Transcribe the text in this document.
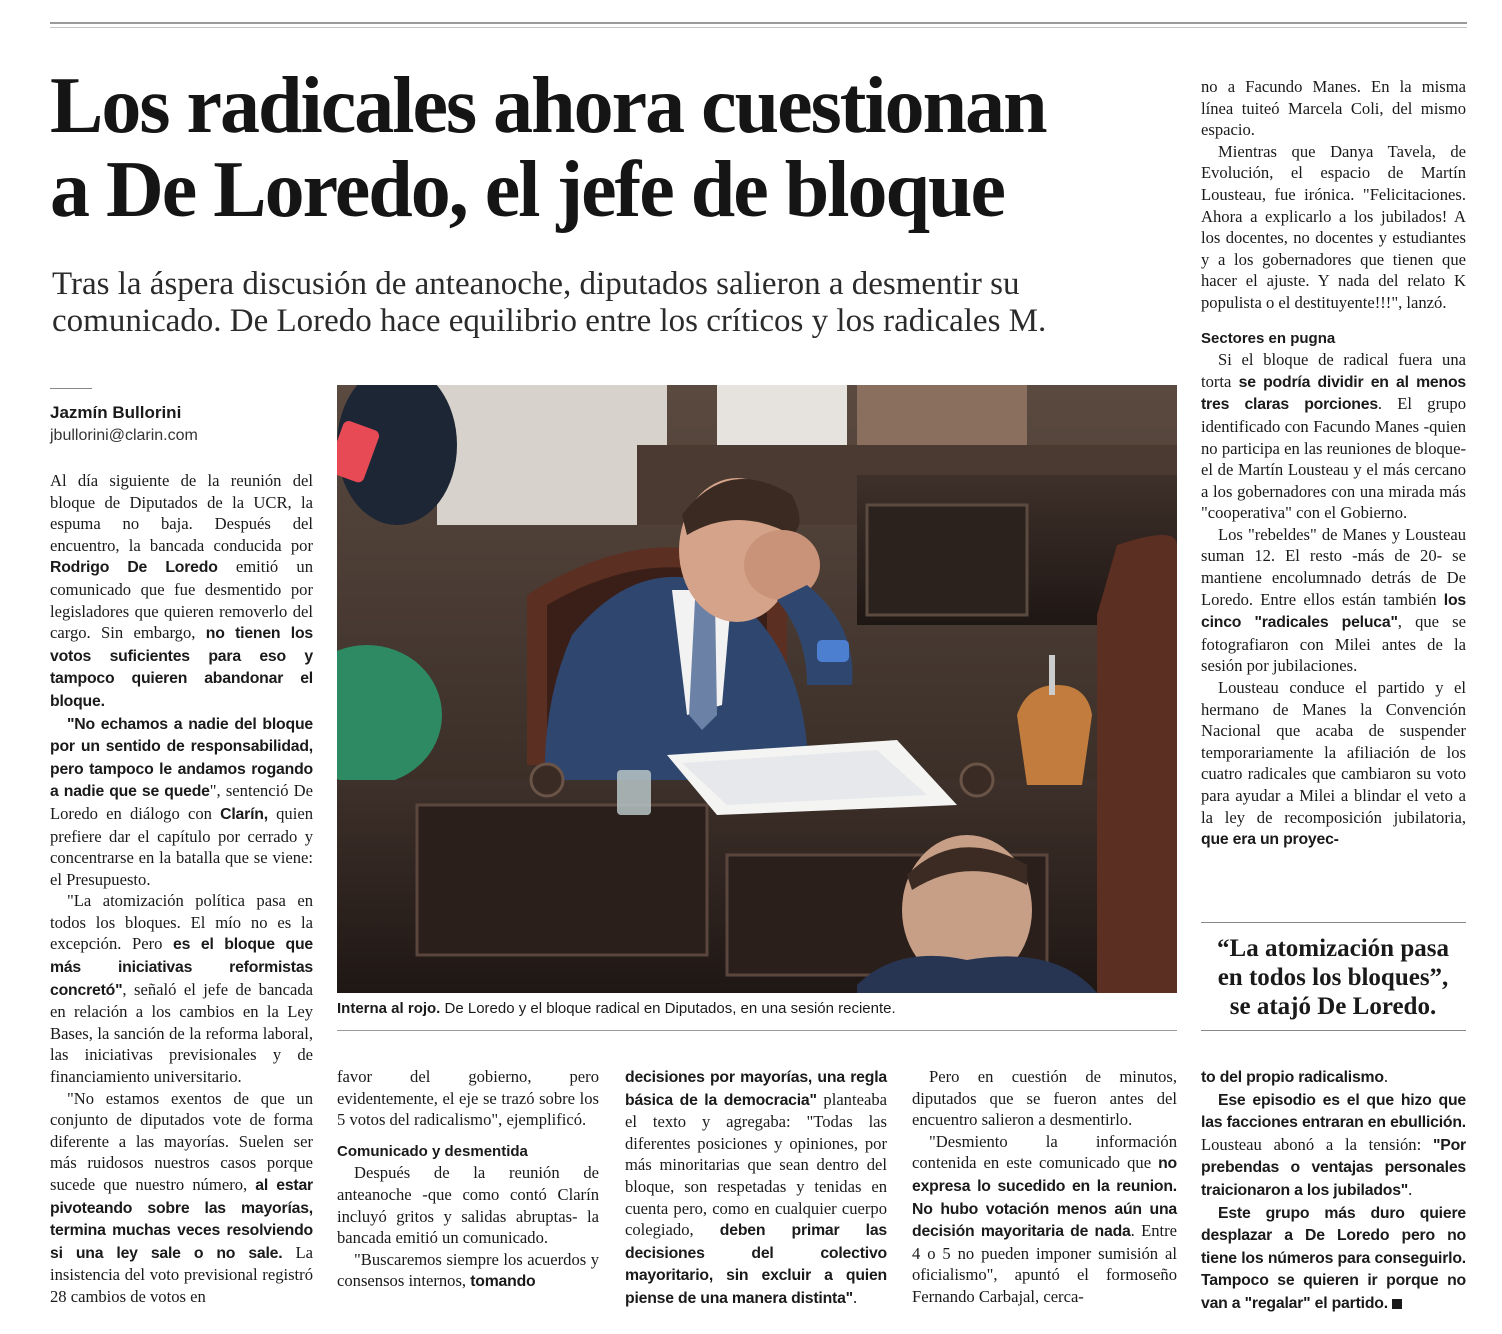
Los radicales ahora cuestionan
a De Loredo, el jefe de bloque
Tras la áspera discusión de anteanoche, diputados salieron a desmentir su
comunicado. De Loredo hace equilibrio entre los críticos y los radicales M.
Jazmín Bullorini
jbullorini@clarin.com

Al día siguiente de la reunión del bloque de Diputados de la UCR, la espuma no baja. Después del encuentro, la bancada conducida por Rodrigo De Loredo emitió un comunicado que fue desmentido por legisladores que quieren removerlo del cargo. Sin embargo, no tienen los votos suficientes para eso y tampoco quieren abandonar el bloque.

"No echamos a nadie del bloque por un sentido de responsabilidad, pero tampoco le andamos rogando a nadie que se quede", sentenció De Loredo en diálogo con Clarín, quien prefiere dar el capítulo por cerrado y concentrarse en la batalla que se viene: el Presupuesto.

"La atomización política pasa en todos los bloques. El mío no es la excepción. Pero es el bloque que más iniciativas reformistas concretó", señaló el jefe de bancada en relación a los cambios en la Ley Bases, la sanción de la reforma laboral, las iniciativas previsionales y de financiamiento universitario.

"No estamos exentos de que un conjunto de diputados vote de forma diferente a las mayorías. Suelen ser más ruidosos nuestros casos porque sucede que nuestro número, al estar pivoteando sobre las mayorías, termina muchas veces resolviendo si una ley sale o no sale. La insistencia del voto previsional registró 28 cambios de votos en

Interna al rojo. De Loredo y el bloque radical en Diputados, en una sesión reciente.

favor del gobierno, pero evidentemente, el eje se trazó sobre los 5 votos del radicalismo", ejemplificó.

Comunicado y desmentida

Después de la reunión de anteanoche -que como contó Clarín incluyó gritos y salidas abruptas- la bancada emitió un comunicado.

"Buscaremos siempre los acuerdos y consensos internos, tomando

decisiones por mayorías, una regla básica de la democracia" planteaba el texto y agregaba: "Todas las diferentes posiciones y opiniones, por más minoritarias que sean dentro del bloque, son respetadas y tenidas en cuenta pero, como en cualquier cuerpo colegiado, deben primar las decisiones del colectivo mayoritario, sin excluir a quien piense de una manera distinta".

Pero en cuestión de minutos, diputados que se fueron antes del encuentro salieron a desmentirlo.

"Desmiento la información contenida en este comunicado que no expresa lo sucedido en la reunion. No hubo votación menos aún una decisión mayoritaria de nada. Entre 4 o 5 no pueden imponer sumisión al oficialismo", apuntó el formoseño Fernando Carbajal, cerca-

no a Facundo Manes. En la misma línea tuiteó Marcela Coli, del mismo espacio.

Mientras que Danya Tavela, de Evolución, el espacio de Martín Lousteau, fue irónica. "Felicitaciones. Ahora a explicarlo a los jubilados! A los docentes, no docentes y estudiantes y a los gobernadores que tienen que hacer el ajuste. Y nada del relato K populista o el destituyente!!!", lanzó.

Sectores en pugna

Si el bloque de radical fuera una torta se podría dividir en al menos tres claras porciones. El grupo identificado con Facundo Manes -quien no participa en las reuniones de bloque- el de Martín Lousteau y el más cercano a los gobernadores con una mirada más "cooperativa" con el Gobierno.

Los "rebeldes" de Manes y Lousteau suman 12. El resto -más de 20- se mantiene encolumnado detrás de De Loredo. Entre ellos están también los cinco "radicales peluca", que se fotografiaron con Milei antes de la sesión por jubilaciones.

Lousteau conduce el partido y el hermano de Manes la Convención Nacional que acaba de suspender temporariamente la afiliación de los cuatro radicales que cambiaron su voto para ayudar a Milei a blindar el veto a la ley de recomposición jubilatoria, que era un proyec-

“La atomización pasa
en todos los bloques”,
se atajó De Loredo.

to del propio radicalismo.

Ese episodio es el que hizo que las facciones entraran en ebullición. Lousteau abonó a la tensión: "Por prebendas o ventajas personales traicionaron a los jubilados".

Este grupo más duro quiere desplazar a De Loredo pero no tiene los números para conseguirlo. Tampoco se quieren ir porque no van a "regalar" el partido.
